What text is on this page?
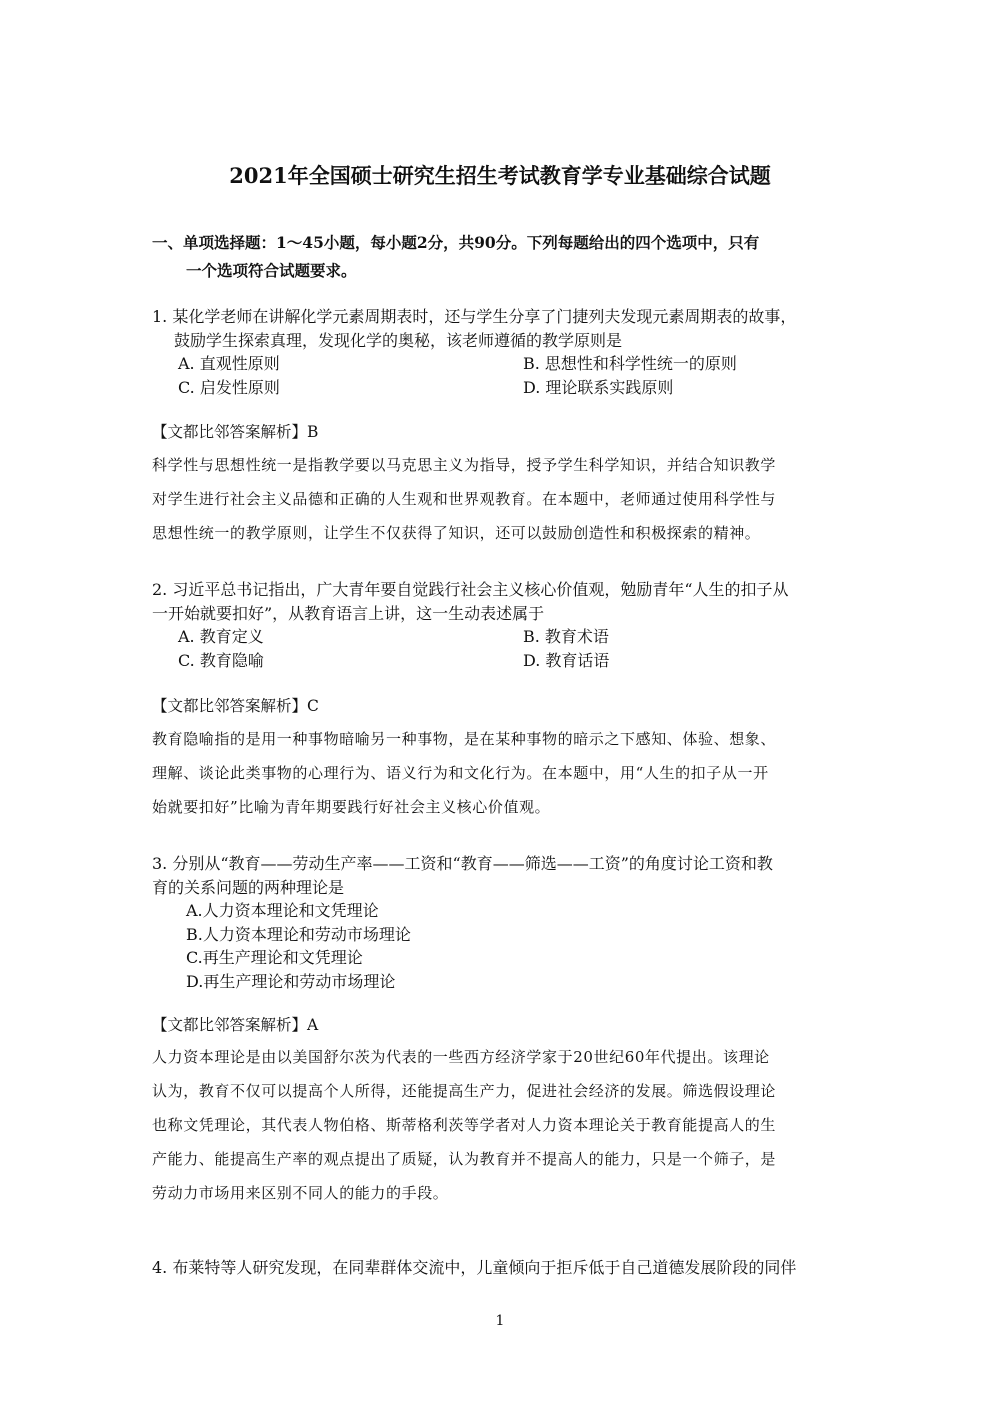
2021年全国硕士研究生招生考试教育学专业基础综合试题
一、单项选择题：1～45小题，每小题2分，共90分。下列每题给出的四个选项中，只有
一个选项符合试题要求。
1. 某化学老师在讲解化学元素周期表时，还与学生分享了门捷列夫发现元素周期表的故事，
鼓励学生探索真理，发现化学的奥秘，该老师遵循的教学原则是
A. 直观性原则	B. 思想性和科学性统一的原则
C. 启发性原则	D. 理论联系实践原则
【文都比邻答案解析】B
科学性与思想性统一是指教学要以马克思主义为指导，授予学生科学知识，并结合知识教学
对学生进行社会主义品德和正确的人生观和世界观教育。在本题中，老师通过使用科学性与
思想性统一的教学原则，让学生不仅获得了知识，还可以鼓励创造性和积极探索的精神。
2. 习近平总书记指出，广大青年要自觉践行社会主义核心价值观，勉励青年“人生的扣子从
一开始就要扣好”，从教育语言上讲，这一生动表述属于
A. 教育定义	B. 教育术语
C. 教育隐喻	D. 教育话语
【文都比邻答案解析】C
教育隐喻指的是用一种事物暗喻另一种事物，是在某种事物的暗示之下感知、体验、想象、
理解、谈论此类事物的心理行为、语义行为和文化行为。在本题中，用“人生的扣子从一开
始就要扣好”比喻为青年期要践行好社会主义核心价值观。
3. 分别从“教育——劳动生产率——工资和“教育——筛选——工资”的角度讨论工资和教
育的关系问题的两种理论是
A.人力资本理论和文凭理论
B.人力资本理论和劳动市场理论
C.再生产理论和文凭理论
D.再生产理论和劳动市场理论
【文都比邻答案解析】A
人力资本理论是由以美国舒尔茨为代表的一些西方经济学家于20世纪60年代提出。该理论
认为，教育不仅可以提高个人所得，还能提高生产力，促进社会经济的发展。筛选假设理论
也称文凭理论，其代表人物伯格、斯蒂格利茨等学者对人力资本理论关于教育能提高人的生
产能力、能提高生产率的观点提出了质疑，认为教育并不提高人的能力，只是一个筛子，是
劳动力市场用来区别不同人的能力的手段。
4. 布莱特等人研究发现，在同辈群体交流中，儿童倾向于拒斥低于自己道德发展阶段的同伴
1
